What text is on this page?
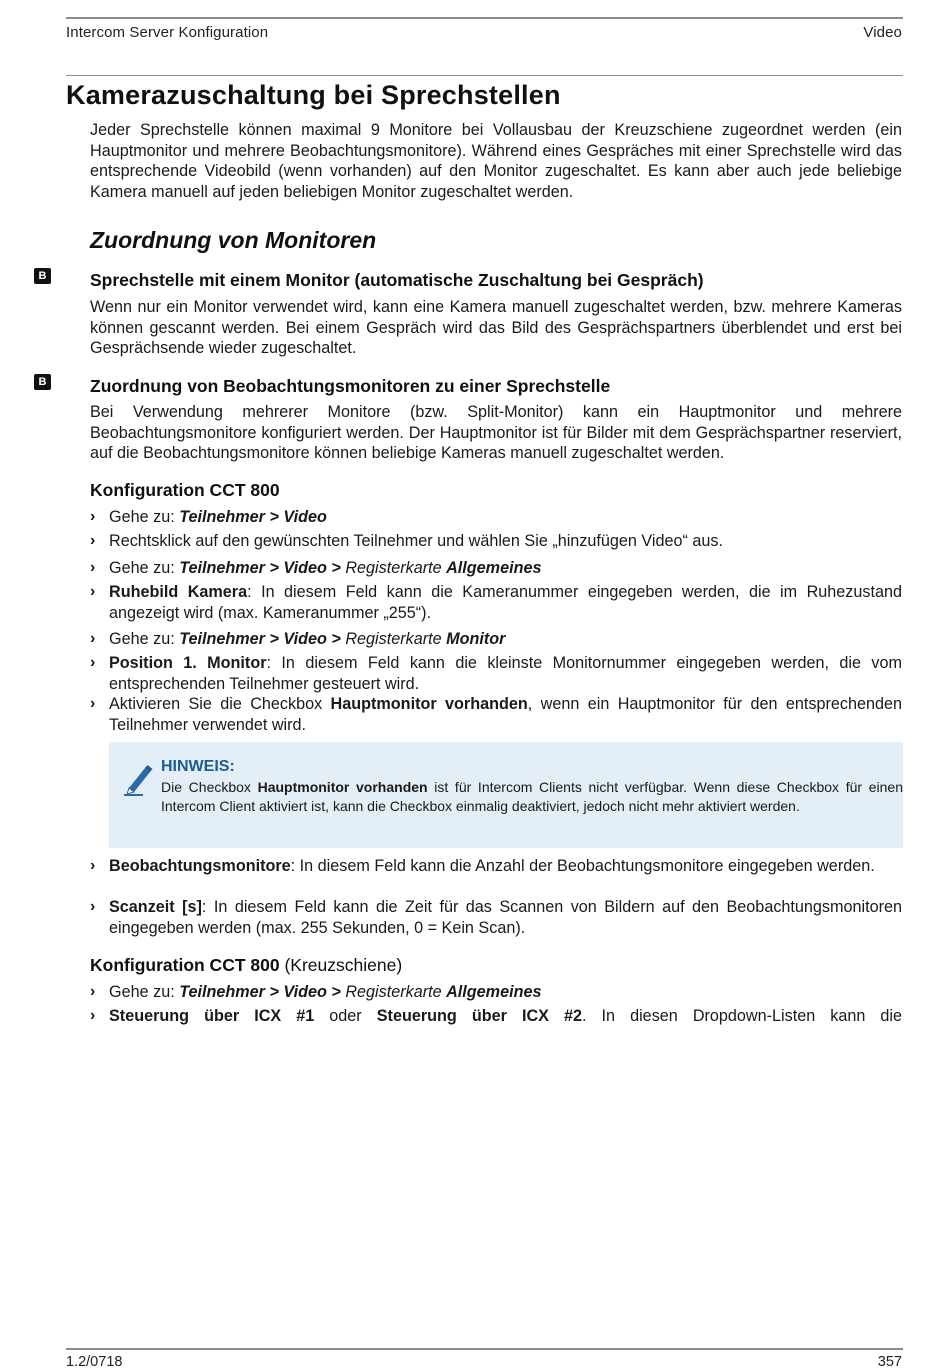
Intercom Server Konfiguration	Video
Kamerazuschaltung bei Sprechstellen
Jeder Sprechstelle können maximal 9 Monitore bei Vollausbau der Kreuzschiene zugeordnet werden (ein Hauptmonitor und mehrere Beobachtungsmonitore). Während eines Gespräches mit einer Sprechstelle wird das entsprechende Videobild (wenn vorhanden) auf den Monitor zugeschaltet. Es kann aber auch jede beliebige Kamera manuell auf jeden beliebigen Monitor zugeschaltet werden.
Zuordnung von Monitoren
B Sprechstelle mit einem Monitor (automatische Zuschaltung bei Gespräch)
Wenn nur ein Monitor verwendet wird, kann eine Kamera manuell zugeschaltet werden, bzw. mehrere Kameras können gescannt werden. Bei einem Gespräch wird das Bild des Gesprächspartners überblendet und erst bei Gesprächsende wieder zugeschaltet.
B Zuordnung von Beobachtungsmonitoren zu einer Sprechstelle
Bei Verwendung mehrerer Monitore (bzw. Split-Monitor) kann ein Hauptmonitor und mehrere Beobachtungsmonitore konfiguriert werden. Der Hauptmonitor ist für Bilder mit dem Gesprächspartner reserviert, auf die Beobachtungsmonitore können beliebige Kameras manuell zugeschaltet werden.
Konfiguration CCT 800
› Gehe zu: Teilnehmer > Video
› Rechtsklick auf den gewünschten Teilnehmer und wählen Sie „hinzufügen Video“ aus.
› Gehe zu: Teilnehmer > Video > Registerkarte Allgemeines
› Ruhebild Kamera: In diesem Feld kann die Kameranummer eingegeben werden, die im Ruhezustand angezeigt wird (max. Kameranummer „255“).
› Gehe zu: Teilnehmer > Video > Registerkarte Monitor
› Position 1. Monitor: In diesem Feld kann die kleinste Monitornummer eingegeben werden, die vom entsprechenden Teilnehmer gesteuert wird.
› Aktivieren Sie die Checkbox Hauptmonitor vorhanden, wenn ein Hauptmonitor für den entsprechenden Teilnehmer verwendet wird.
HINWEIS:
Die Checkbox Hauptmonitor vorhanden ist für Intercom Clients nicht verfügbar. Wenn diese Checkbox für einen Intercom Client aktiviert ist, kann die Checkbox einmalig deaktiviert, jedoch nicht mehr aktiviert werden.
› Beobachtungsmonitore: In diesem Feld kann die Anzahl der Beobachtungsmonitore eingegeben werden.
› Scanzeit [s]: In diesem Feld kann die Zeit für das Scannen von Bildern auf den Beobachtungsmonitoren eingegeben werden (max. 255 Sekunden, 0 = Kein Scan).
Konfiguration CCT 800 (Kreuzschiene)
› Gehe zu: Teilnehmer > Video > Registerkarte Allgemeines
› Steuerung über ICX #1 oder Steuerung über ICX #2. In diesen Dropdown-Listen kann die
1.2/0718	357
